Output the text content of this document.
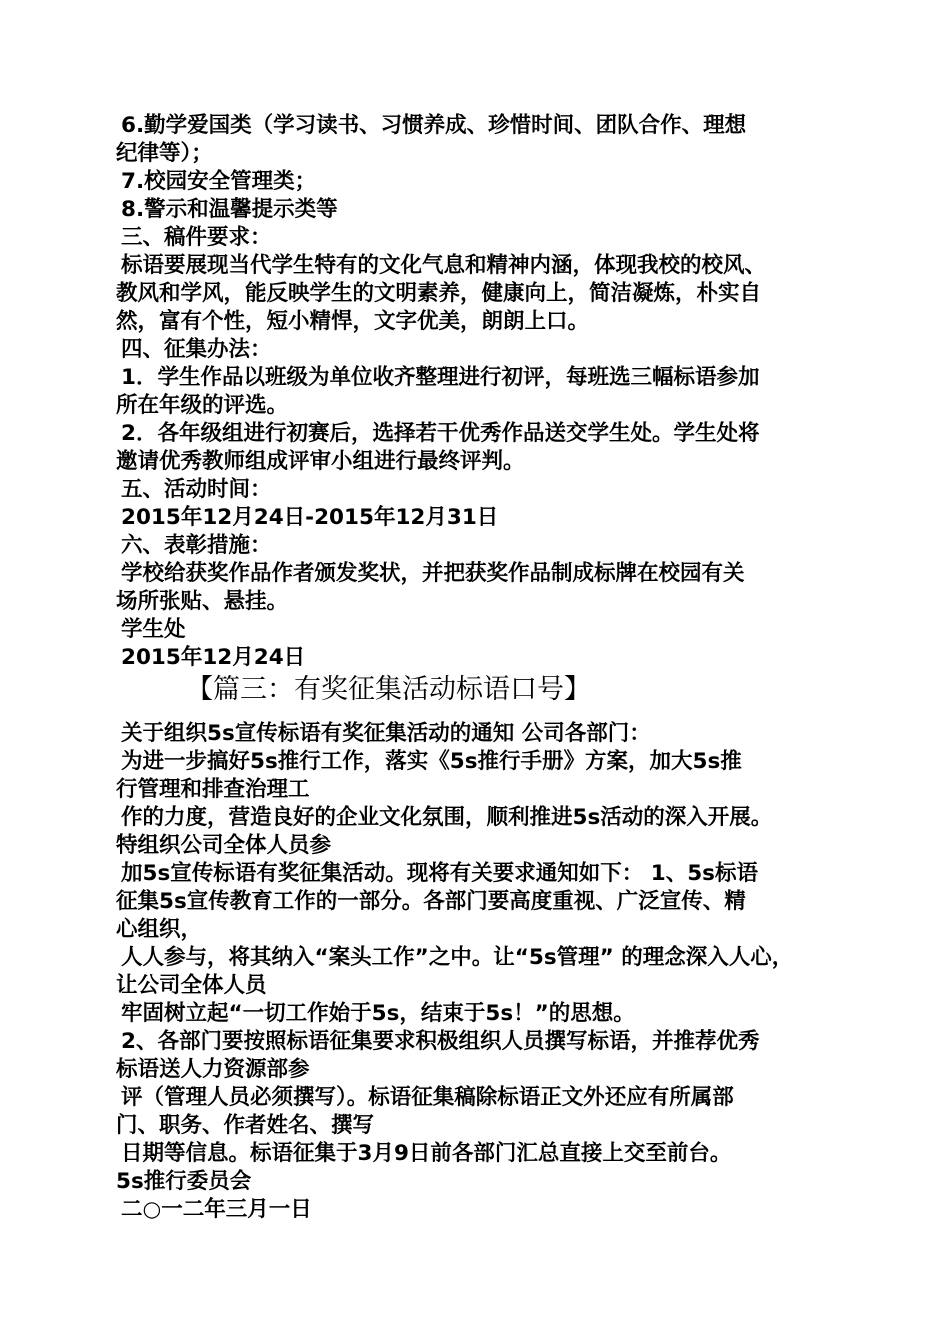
6.勤学爱国类（学习读书、习惯养成、珍惜时间、团队合作、理想
纪律等）；
7.校园安全管理类；
8.警示和温馨提示类等
三、稿件要求：
标语要展现当代学生特有的文化气息和精神内涵，体现我校的校风、
教风和学风，能反映学生的文明素养，健康向上，简洁凝炼，朴实自
然，富有个性，短小精悍，文字优美，朗朗上口。
四、征集办法：
1．学生作品以班级为单位收齐整理进行初评，每班选三幅标语参加
所在年级的评选。
2．各年级组进行初赛后，选择若干优秀作品送交学生处。学生处将
邀请优秀教师组成评审小组进行最终评判。
五、活动时间：
2015年12月24日-2015年12月31日
六、表彰措施：
学校给获奖作品作者颁发奖状，并把获奖作品制成标牌在校园有关
场所张贴、悬挂。
学生处
2015年12月24日
【篇三：有奖征集活动标语口号】
关于组织5s宣传标语有奖征集活动的通知 公司各部门：
为进一步搞好5s推行工作，落实《5s推行手册》方案，加大5s推
行管理和排查治理工
作的力度，营造良好的企业文化氛围，顺利推进5s活动的深入开展。
特组织公司全体人员参
加5s宣传标语有奖征集活动。现将有关要求通知如下： 1、5s标语
征集5s宣传教育工作的一部分。各部门要高度重视、广泛宣传、精
心组织，
人人参与，将其纳入“案头工作”之中。让“5s管理” 的理念深入人心，
让公司全体人员
牢固树立起“一切工作始于5s，结束于5s！”的思想。
2、各部门要按照标语征集要求积极组织人员撰写标语，并推荐优秀
标语送人力资源部参
评（管理人员必须撰写）。标语征集稿除标语正文外还应有所属部
门、职务、作者姓名、撰写
日期等信息。标语征集于3月9日前各部门汇总直接上交至前台。
5s推行委员会
二○一二年三月一日
